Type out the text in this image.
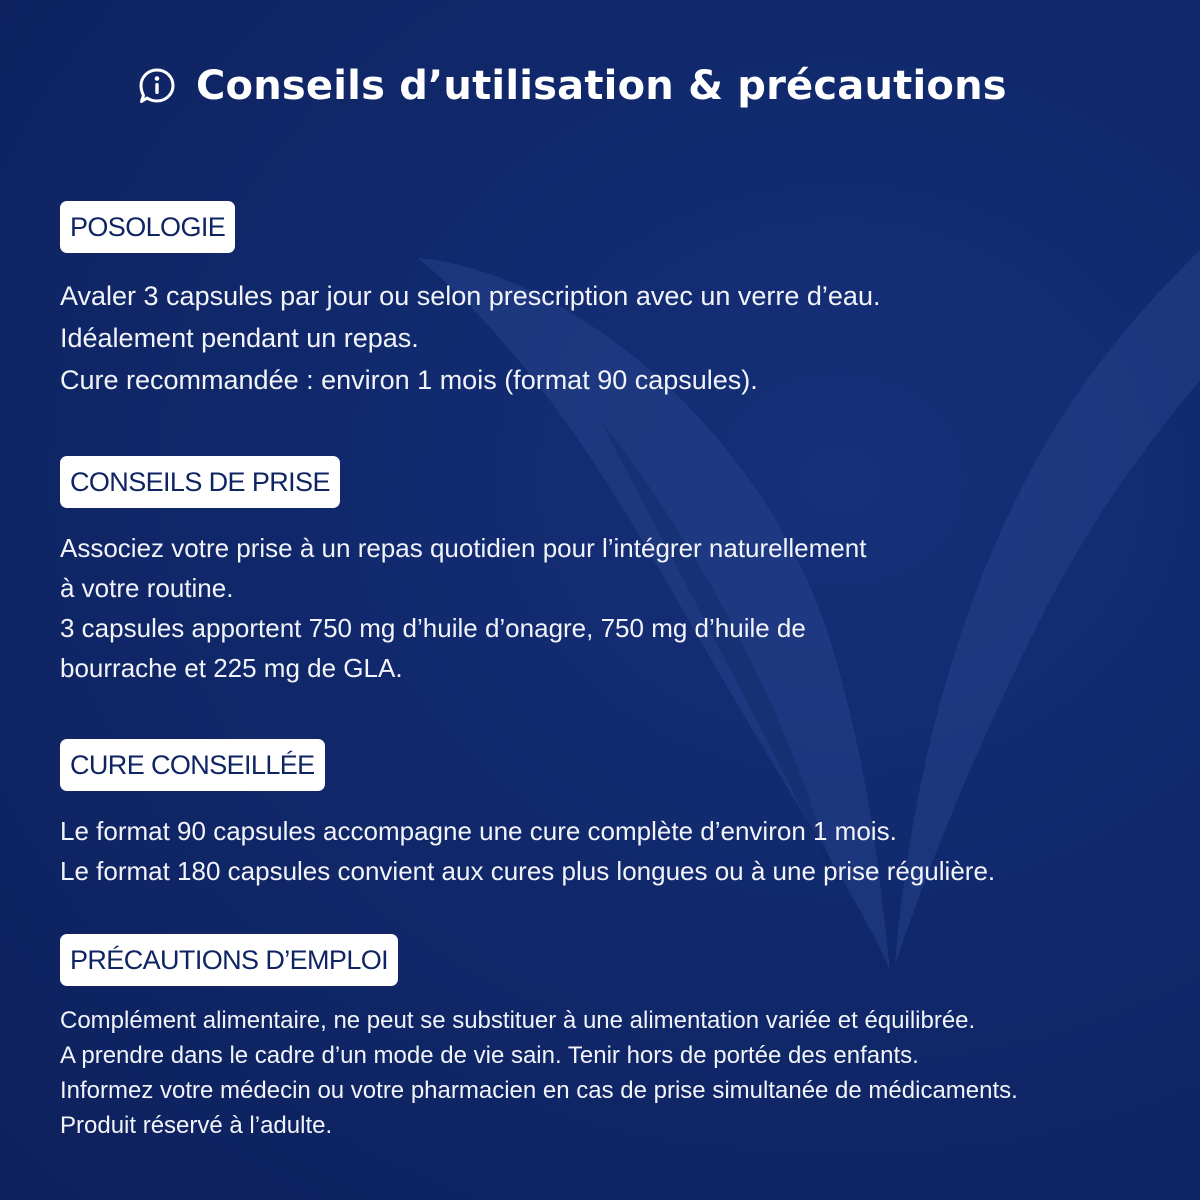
Conseils d’utilisation & précautions
POSOLOGIE
Avaler 3 capsules par jour ou selon prescription avec un verre d’eau.
Idéalement pendant un repas.
Cure recommandée : environ 1 mois (format 90 capsules).
CONSEILS DE PRISE
Associez votre prise à un repas quotidien pour l’intégrer naturellement
à votre routine.
3 capsules apportent 750 mg d’huile d’onagre, 750 mg d’huile de
bourrache et 225 mg de GLA.
CURE CONSEILLÉE
Le format 90 capsules accompagne une cure complète d’environ 1 mois.
Le format 180 capsules convient aux cures plus longues ou à une prise régulière.
PRÉCAUTIONS D’EMPLOI
Complément alimentaire, ne peut se substituer à une alimentation variée et équilibrée.
A prendre dans le cadre d’un mode de vie sain. Tenir hors de portée des enfants.
Informez votre médecin ou votre pharmacien en cas de prise simultanée de médicaments.
Produit réservé à l’adulte.
